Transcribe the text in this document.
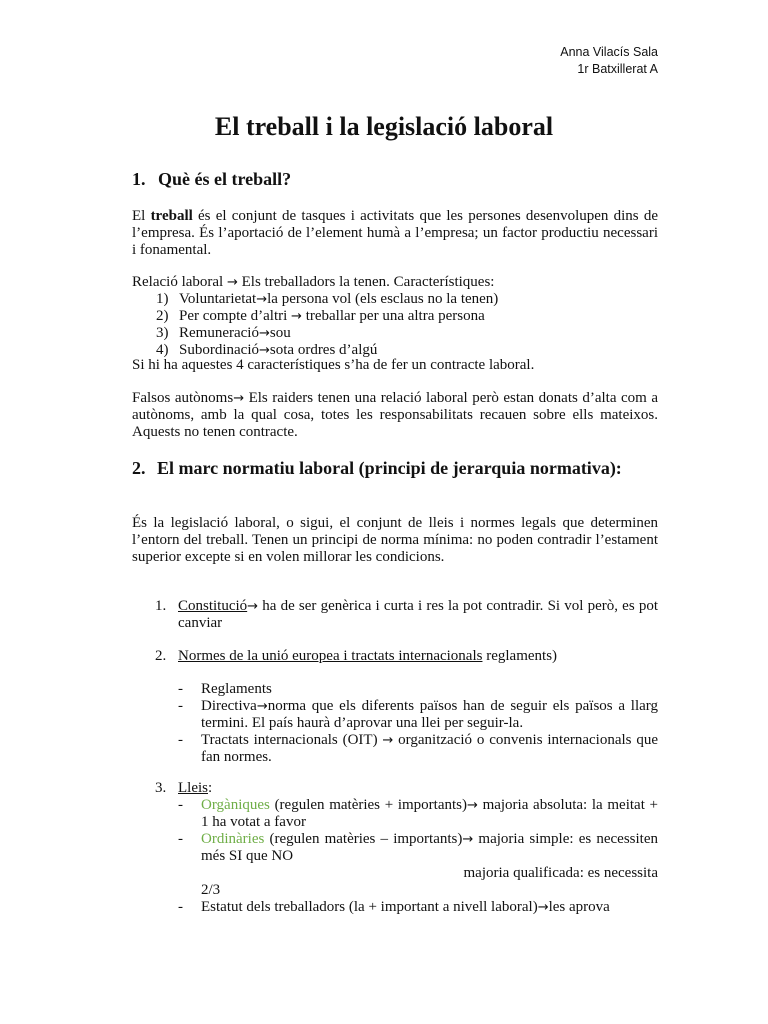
Anna Vilacís Sala
1r Batxillerat A
El treball i la legislació laboral
1. Què és el treball?
El treball és el conjunt de tasques i activitats que les persones desenvolupen dins de l’empresa. És l’aportació de l’element humà a l’empresa; un factor productiu necessari i fonamental.
Relació laboral → Els treballadors la tenen. Característiques:
1) Voluntarietat→la persona vol (els esclaus no la tenen)
2) Per compte d’altri → treballar per una altra persona
3) Remuneració→sou
4) Subordinació→sota ordres d’algú
Si hi ha aquestes 4 característiques s’ha de fer un contracte laboral.
Falsos autònoms→ Els raiders tenen una relació laboral però estan donats d’alta com a autònoms, amb la qual cosa, totes les responsabilitats recauen sobre ells mateixos. Aquests no tenen contracte.
2. El marc normatiu laboral (principi de jerarquia normativa):
És la legislació laboral, o sigui, el conjunt de lleis i normes legals que determinen l’entorn del treball. Tenen un principi de norma mínima: no poden contradir l’estament superior excepte si en volen millorar les condicions.
1. Constitució→ ha de ser genèrica i curta i res la pot contradir. Si vol però, es pot canviar
2. Normes de la unió europea i tractats internacionals reglaments)
- Reglaments
- Directiva→norma que els diferents països han de seguir els països a llarg termini. El país haurà d’aprovar una llei per seguir-la.
- Tractats internacionals (OIT) → organització o convenis internacionals que fan normes.
3. Lleis:
- Orgàniques (regulen matèries + importants)→ majoria absoluta: la meitat + 1 ha votat a favor
- Ordinàries (regulen matèries – importants)→ majoria simple: es necessiten més SI que NO
majoria qualificada: es necessita
2/3
- Estatut dels treballadors (la + important a nivell laboral)→les aprova
